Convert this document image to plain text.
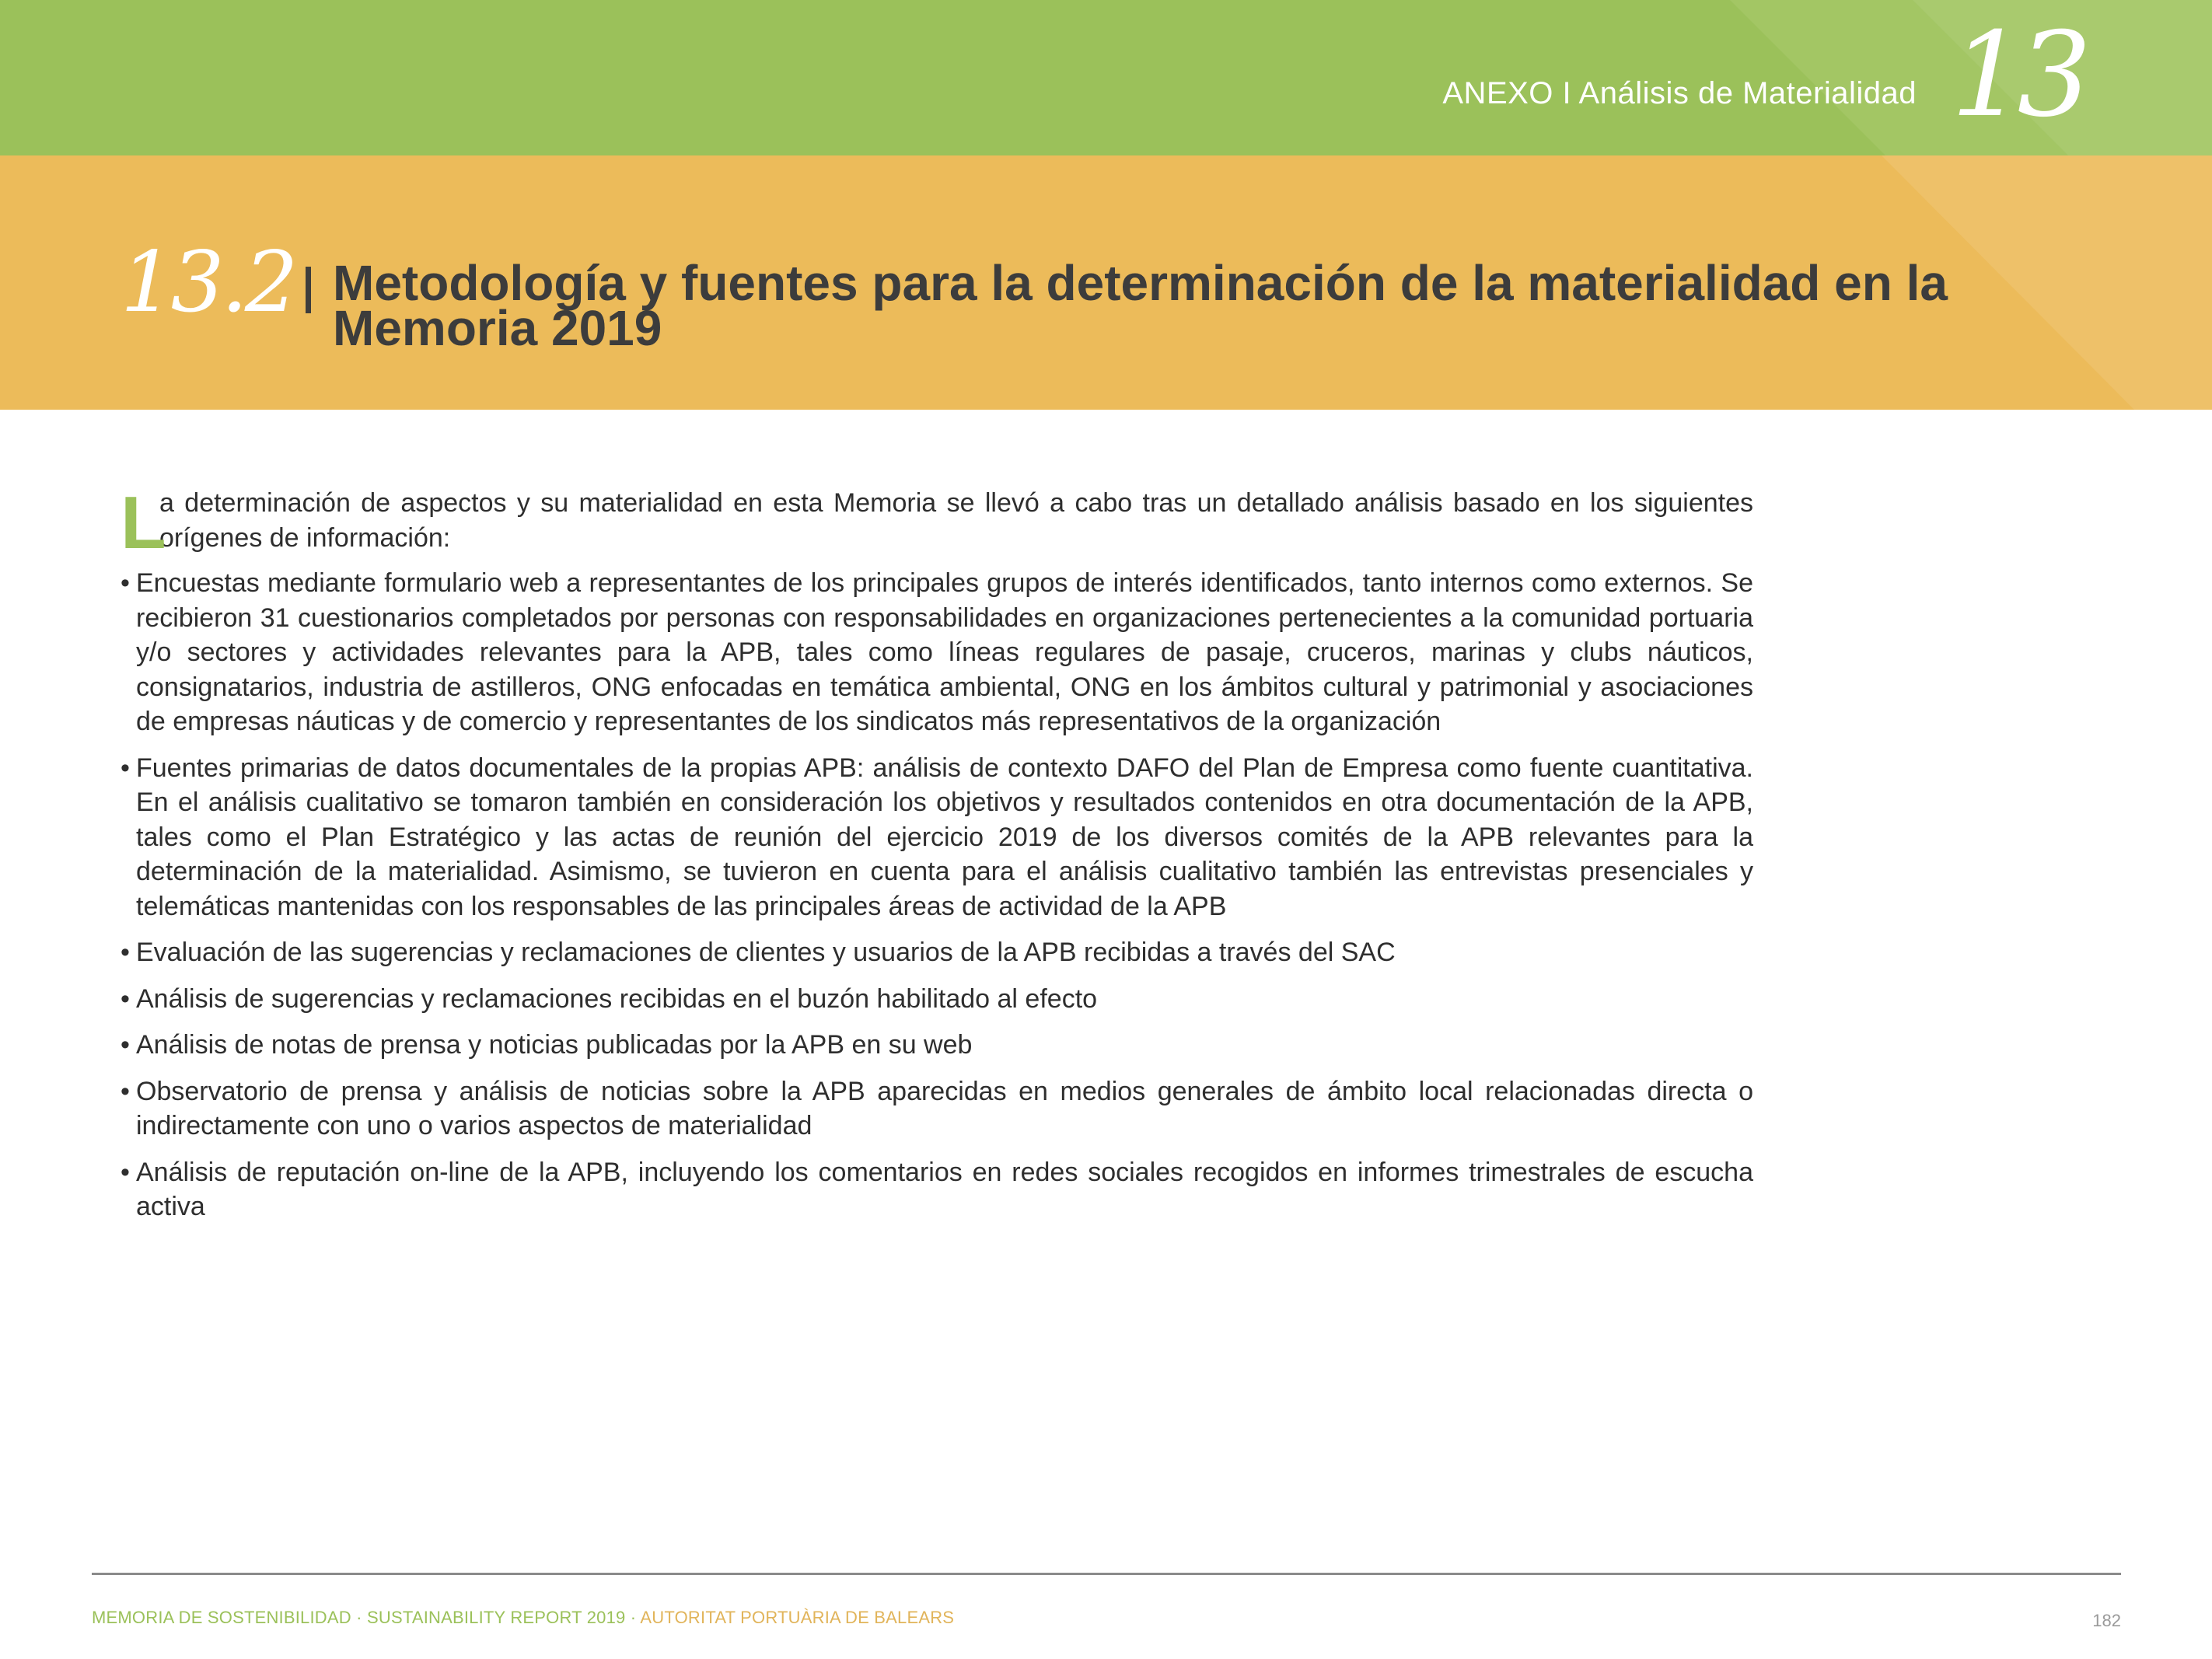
ANEXO I Análisis de Materialidad 13
13.2 Metodología y fuentes para la determinación de la materialidad en la Memoria 2019

L
a determinación de aspectos y su materialidad en esta Memoria se llevó a cabo tras un detallado análisis basado en los siguientes orígenes de información:

• Encuestas mediante formulario web a representantes de los principales grupos de interés identificados, tanto internos como externos. Se recibieron 31 cuestionarios completados por personas con responsabilidades en organizaciones pertenecientes a la comunidad portuaria y/o sectores y actividades relevantes para la APB, tales como líneas regulares de pasaje, cruceros, marinas y clubs náuticos, consignatarios, industria de astilleros, ONG enfocadas en temática ambiental, ONG en los ámbitos cultural y patrimonial y asociaciones de empresas náuticas y de comercio y representantes de los sindicatos más representativos de la organización
• Fuentes primarias de datos documentales de la propias APB: análisis de contexto DAFO del Plan de Empresa como fuente cuantitativa. En el análisis cualitativo se tomaron también en consideración los objetivos y resultados contenidos en otra documentación de la APB, tales como el Plan Estratégico y las actas de reunión del ejercicio 2019 de los diversos comités de la APB relevantes para la determinación de la materialidad. Asimismo, se tuvieron en cuenta para el análisis cualitativo también las entrevistas presenciales y telemáticas mantenidas con los responsables de las principales áreas de actividad de la APB
• Evaluación de las sugerencias y reclamaciones de clientes y usuarios de la APB recibidas a través del SAC
• Análisis de sugerencias y reclamaciones recibidas en el buzón habilitado al efecto
• Análisis de notas de prensa y noticias publicadas por la APB en su web
• Observatorio de prensa y análisis de noticias sobre la APB aparecidas en medios generales de ámbito local relacionadas directa o indirectamente con uno o varios aspectos de materialidad
• Análisis de reputación on-line de la APB, incluyendo los comentarios en redes sociales recogidos en informes trimestrales de escucha activa
MEMORIA DE SOSTENIBILIDAD · SUSTAINABILITY REPORT 2019 · AUTORITAT PORTUÀRIA DE BALEARS	182
